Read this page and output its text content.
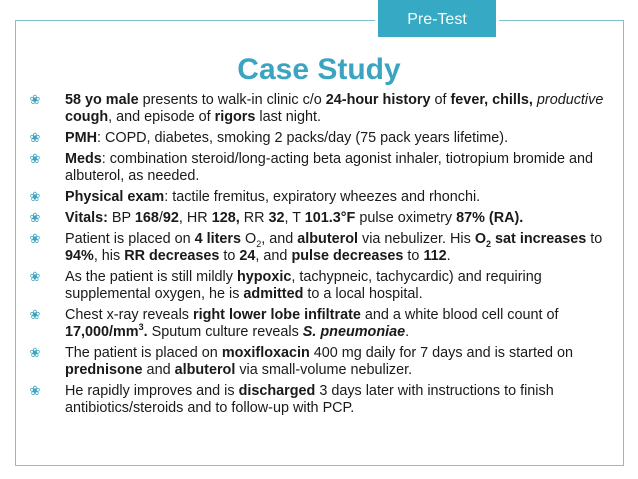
Pre-Test
Case Study
❀ 58 yo male presents to walk-in clinic c/o 24-hour history of fever, chills, productive cough, and episode of rigors last night.
❀ PMH: COPD, diabetes, smoking 2 packs/day (75 pack years lifetime).
❀ Meds: combination steroid/long-acting beta agonist inhaler, tiotropium bromide and albuterol, as needed.
❀ Physical exam: tactile fremitus, expiratory wheezes and rhonchi.
❀ Vitals: BP 168/92, HR 128, RR 32, T 101.3°F pulse oximetry 87% (RA).
❀ Patient is placed on 4 liters $O_2$, and albuterol via nebulizer. His $O_2$ sat increases to 94%, his RR decreases to 24, and pulse decreases to 112.
❀ As the patient is still mildly hypoxic, tachypneic, tachycardic) and requiring supplemental oxygen, he is admitted to a local hospital.
❀ Chest x-ray reveals right lower lobe infiltrate and a white blood cell count of $17,000/mm^3$. Sputum culture reveals S. pneumoniae.
❀ The patient is placed on moxifloxacin 400 mg daily for 7 days and is started on prednisone and albuterol via small-volume nebulizer.
❀ He rapidly improves and is discharged 3 days later with instructions to finish antibiotics/steroids and to follow-up with PCP.
